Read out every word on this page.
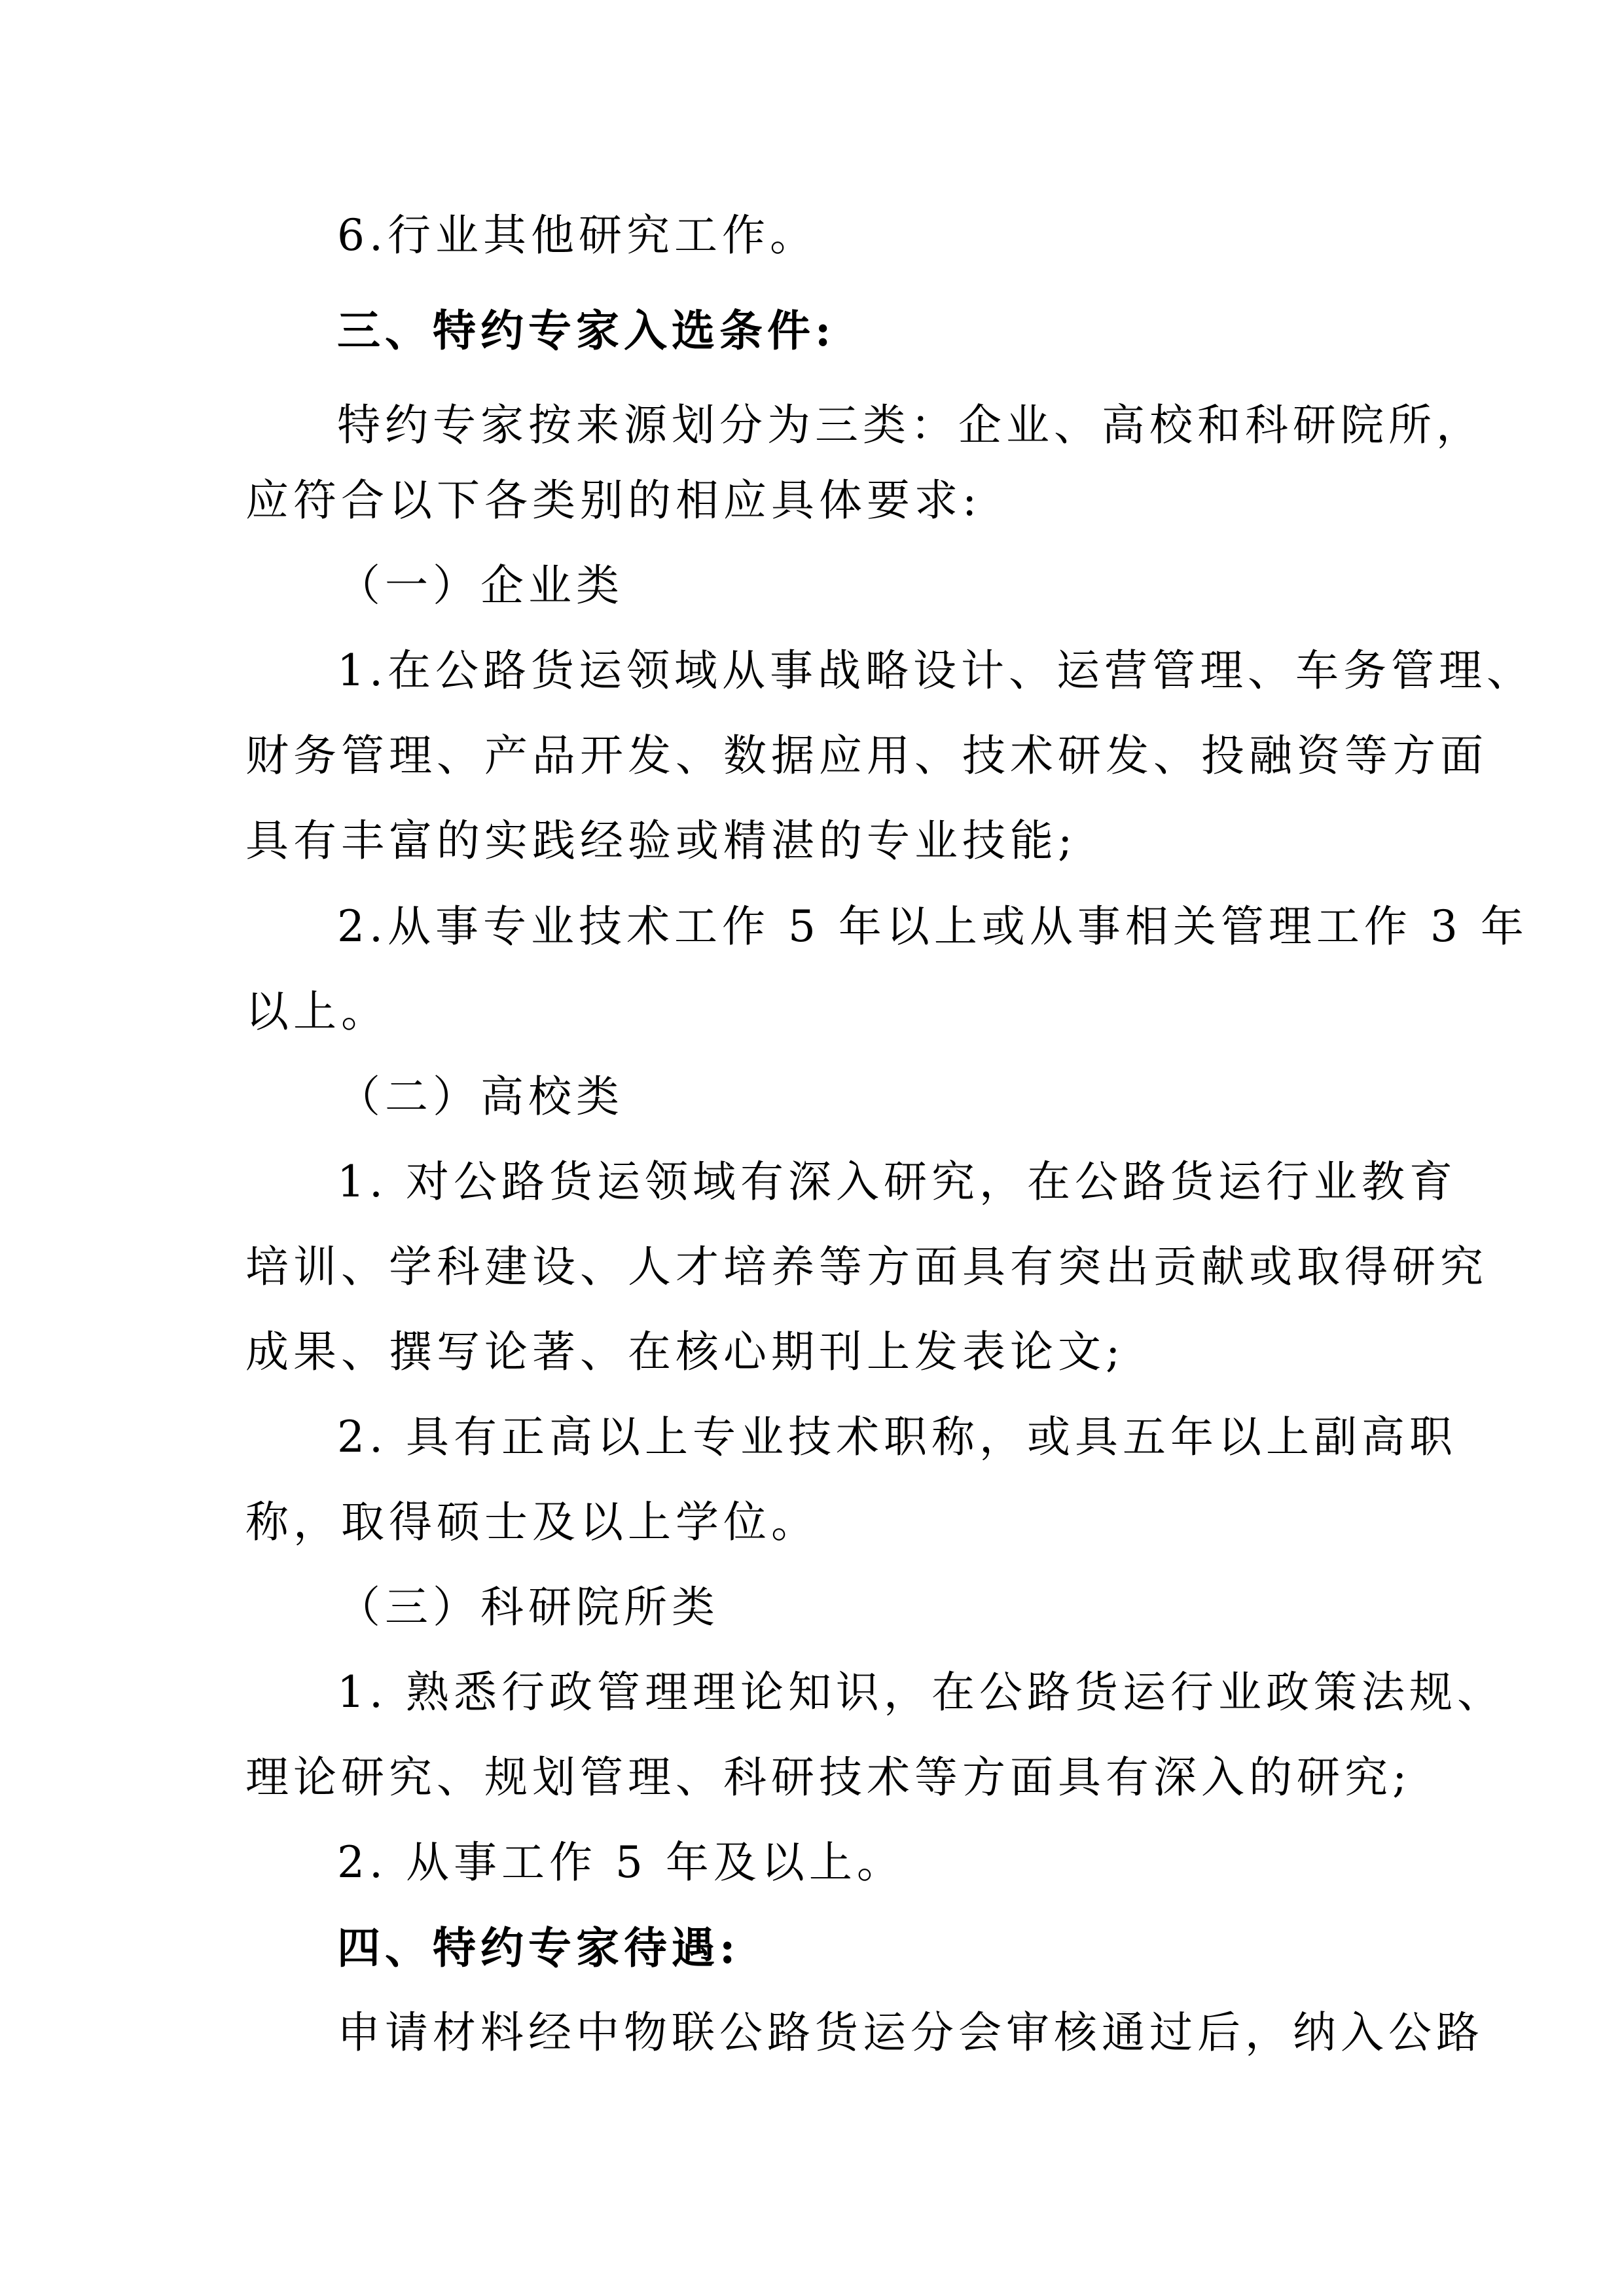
6.行业其他研究工作。
三、特约专家入选条件:
特约专家按来源划分为三类：企业、高校和科研院所，
应符合以下各类别的相应具体要求:
（一）企业类
1.在公路货运领域从事战略设计、运营管理、车务管理、
财务管理、产品开发、数据应用、技术研发、投融资等方面
具有丰富的实践经验或精湛的专业技能;
2.从事专业技术工作 5 年以上或从事相关管理工作 3 年
以上。
（二）高校类
1. 对公路货运领域有深入研究，在公路货运行业教育
培训、学科建设、人才培养等方面具有突出贡献或取得研究
成果、撰写论著、在核心期刊上发表论文;
2. 具有正高以上专业技术职称，或具五年以上副高职
称，取得硕士及以上学位。
（三）科研院所类
1. 熟悉行政管理理论知识，在公路货运行业政策法规、
理论研究、规划管理、科研技术等方面具有深入的研究;
2. 从事工作 5 年及以上。
四、特约专家待遇:
申请材料经中物联公路货运分会审核通过后，纳入公路
